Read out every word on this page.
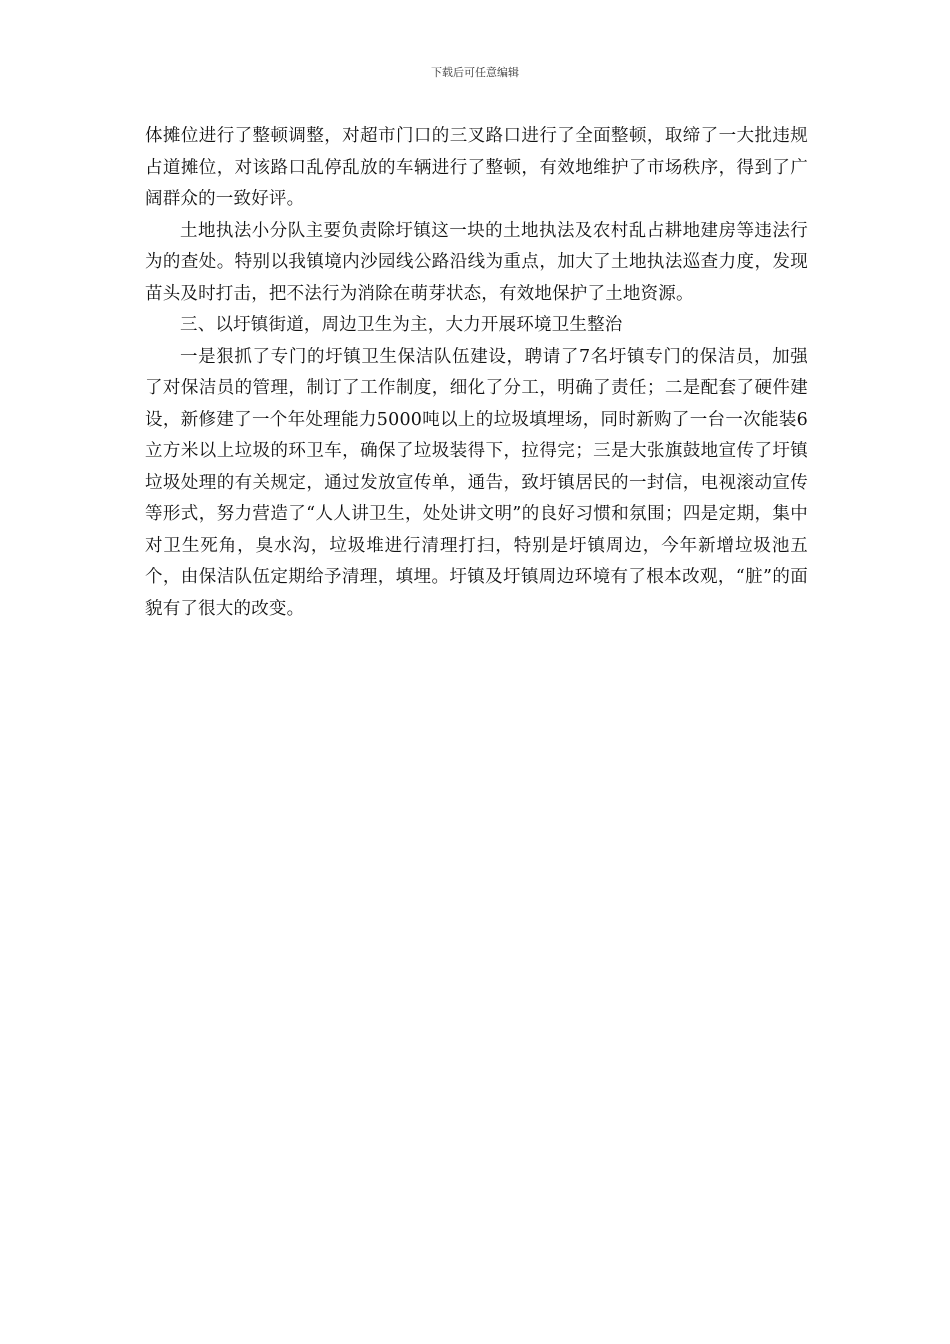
下载后可任意编辑

体摊位进行了整顿调整，对超市门口的三叉路口进行了全面整顿，取缔了一大批违规占道摊位，对该路口乱停乱放的车辆进行了整顿，有效地维护了市场秩序，得到了广阔群众的一致好评。

土地执法小分队主要负责除圩镇这一块的土地执法及农村乱占耕地建房等违法行为的查处。特别以我镇境内沙园线公路沿线为重点，加大了土地执法巡查力度，发现苗头及时打击，把不法行为消除在萌芽状态，有效地保护了土地资源。

三、以圩镇街道，周边卫生为主，大力开展环境卫生整治

一是狠抓了专门的圩镇卫生保洁队伍建设，聘请了7名圩镇专门的保洁员，加强了对保洁员的管理，制订了工作制度，细化了分工，明确了责任；二是配套了硬件建设，新修建了一个年处理能力5000吨以上的垃圾填埋场，同时新购了一台一次能装6立方米以上垃圾的环卫车，确保了垃圾装得下，拉得完；三是大张旗鼓地宣传了圩镇垃圾处理的有关规定，通过发放宣传单，通告，致圩镇居民的一封信，电视滚动宣传等形式，努力营造了“人人讲卫生，处处讲文明”的良好习惯和氛围；四是定期，集中对卫生死角，臭水沟，垃圾堆进行清理打扫，特别是圩镇周边，今年新增垃圾池五个，由保洁队伍定期给予清理，填埋。圩镇及圩镇周边环境有了根本改观，“脏”的面貌有了很大的改变。
